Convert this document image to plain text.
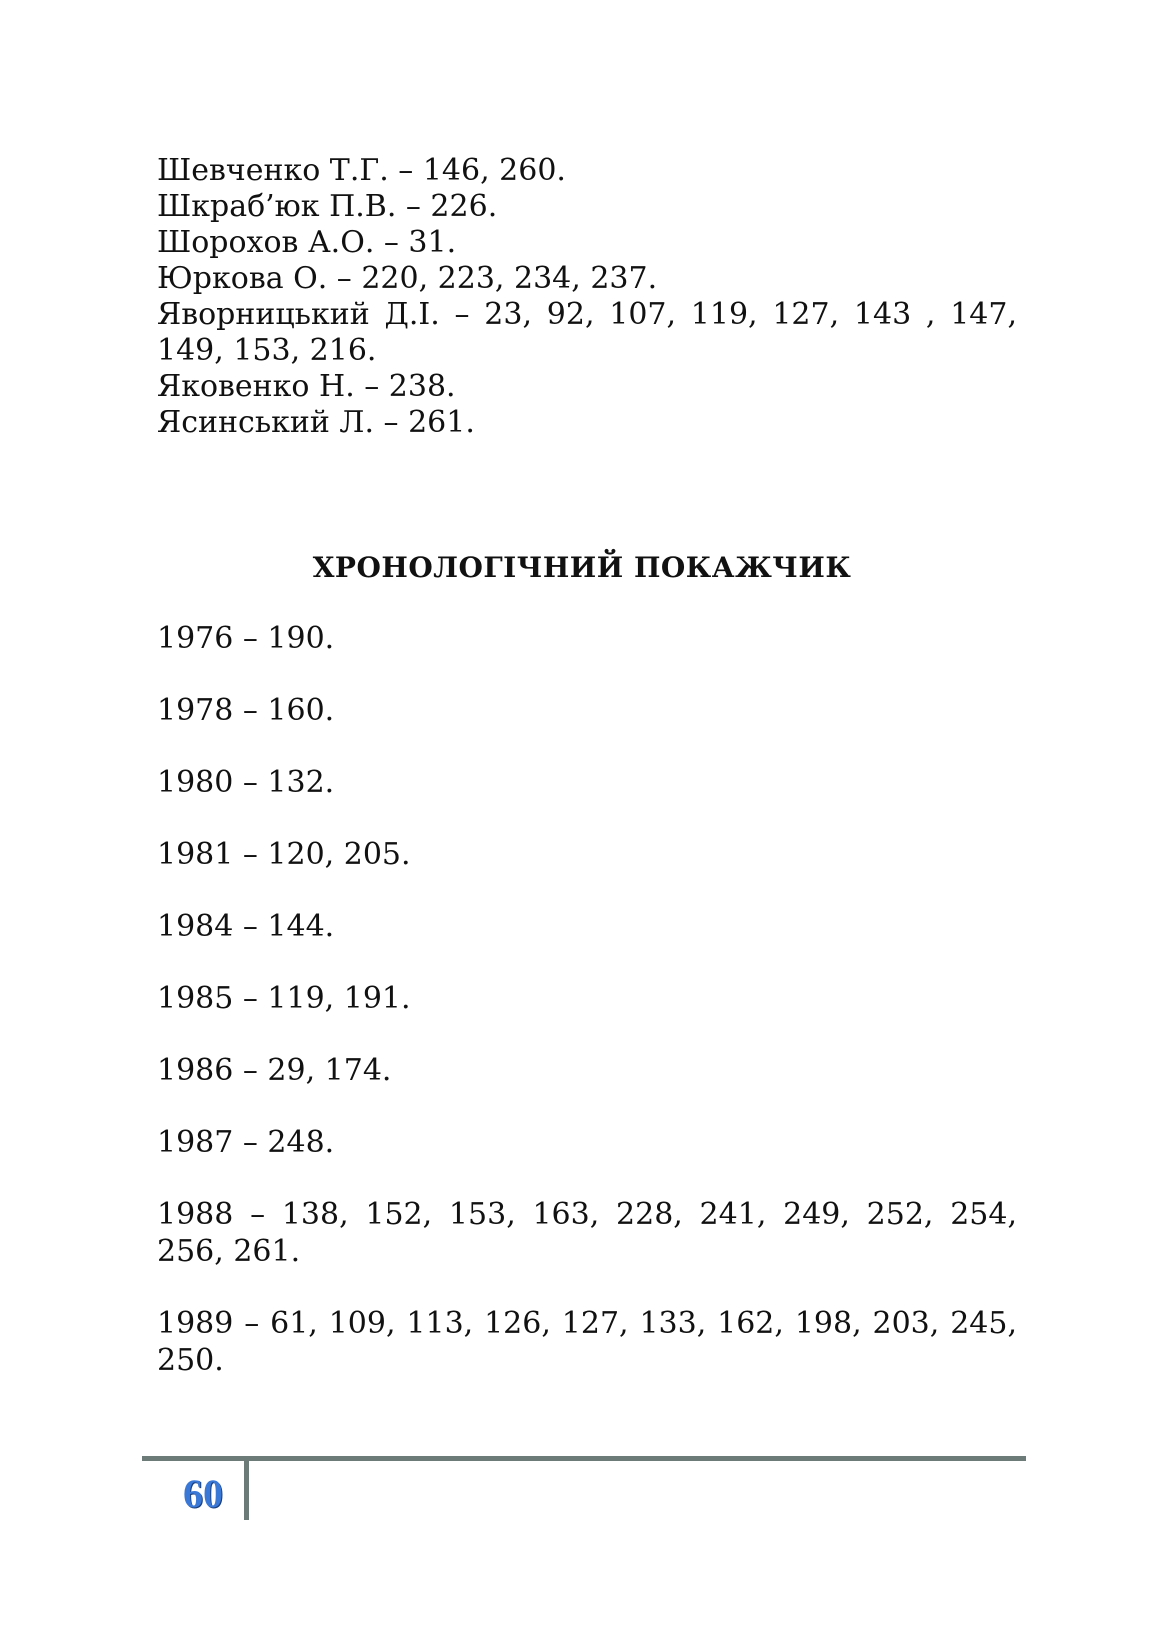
Шевченко Т.Г. – 146, 260.
Шкраб’юк П.В. – 226.
Шорохов А.О. – 31.
Юркова О. – 220, 223, 234, 237.
Яворницький Д.І. – 23, 92, 107, 119, 127, 143 , 147, 149, 153, 216.
Яковенко Н. – 238.
Ясинський Л. – 261.
ХРОНОЛОГІЧНИЙ ПОКАЖЧИК
1976 – 190.
1978 – 160.
1980 – 132.
1981 – 120, 205.
1984 – 144.
1985 – 119, 191.
1986 – 29, 174.
1987 – 248.
1988 – 138, 152, 153, 163, 228, 241, 249, 252, 254, 256, 261.
1989 – 61, 109, 113, 126, 127, 133, 162, 198, 203, 245, 250.
60
